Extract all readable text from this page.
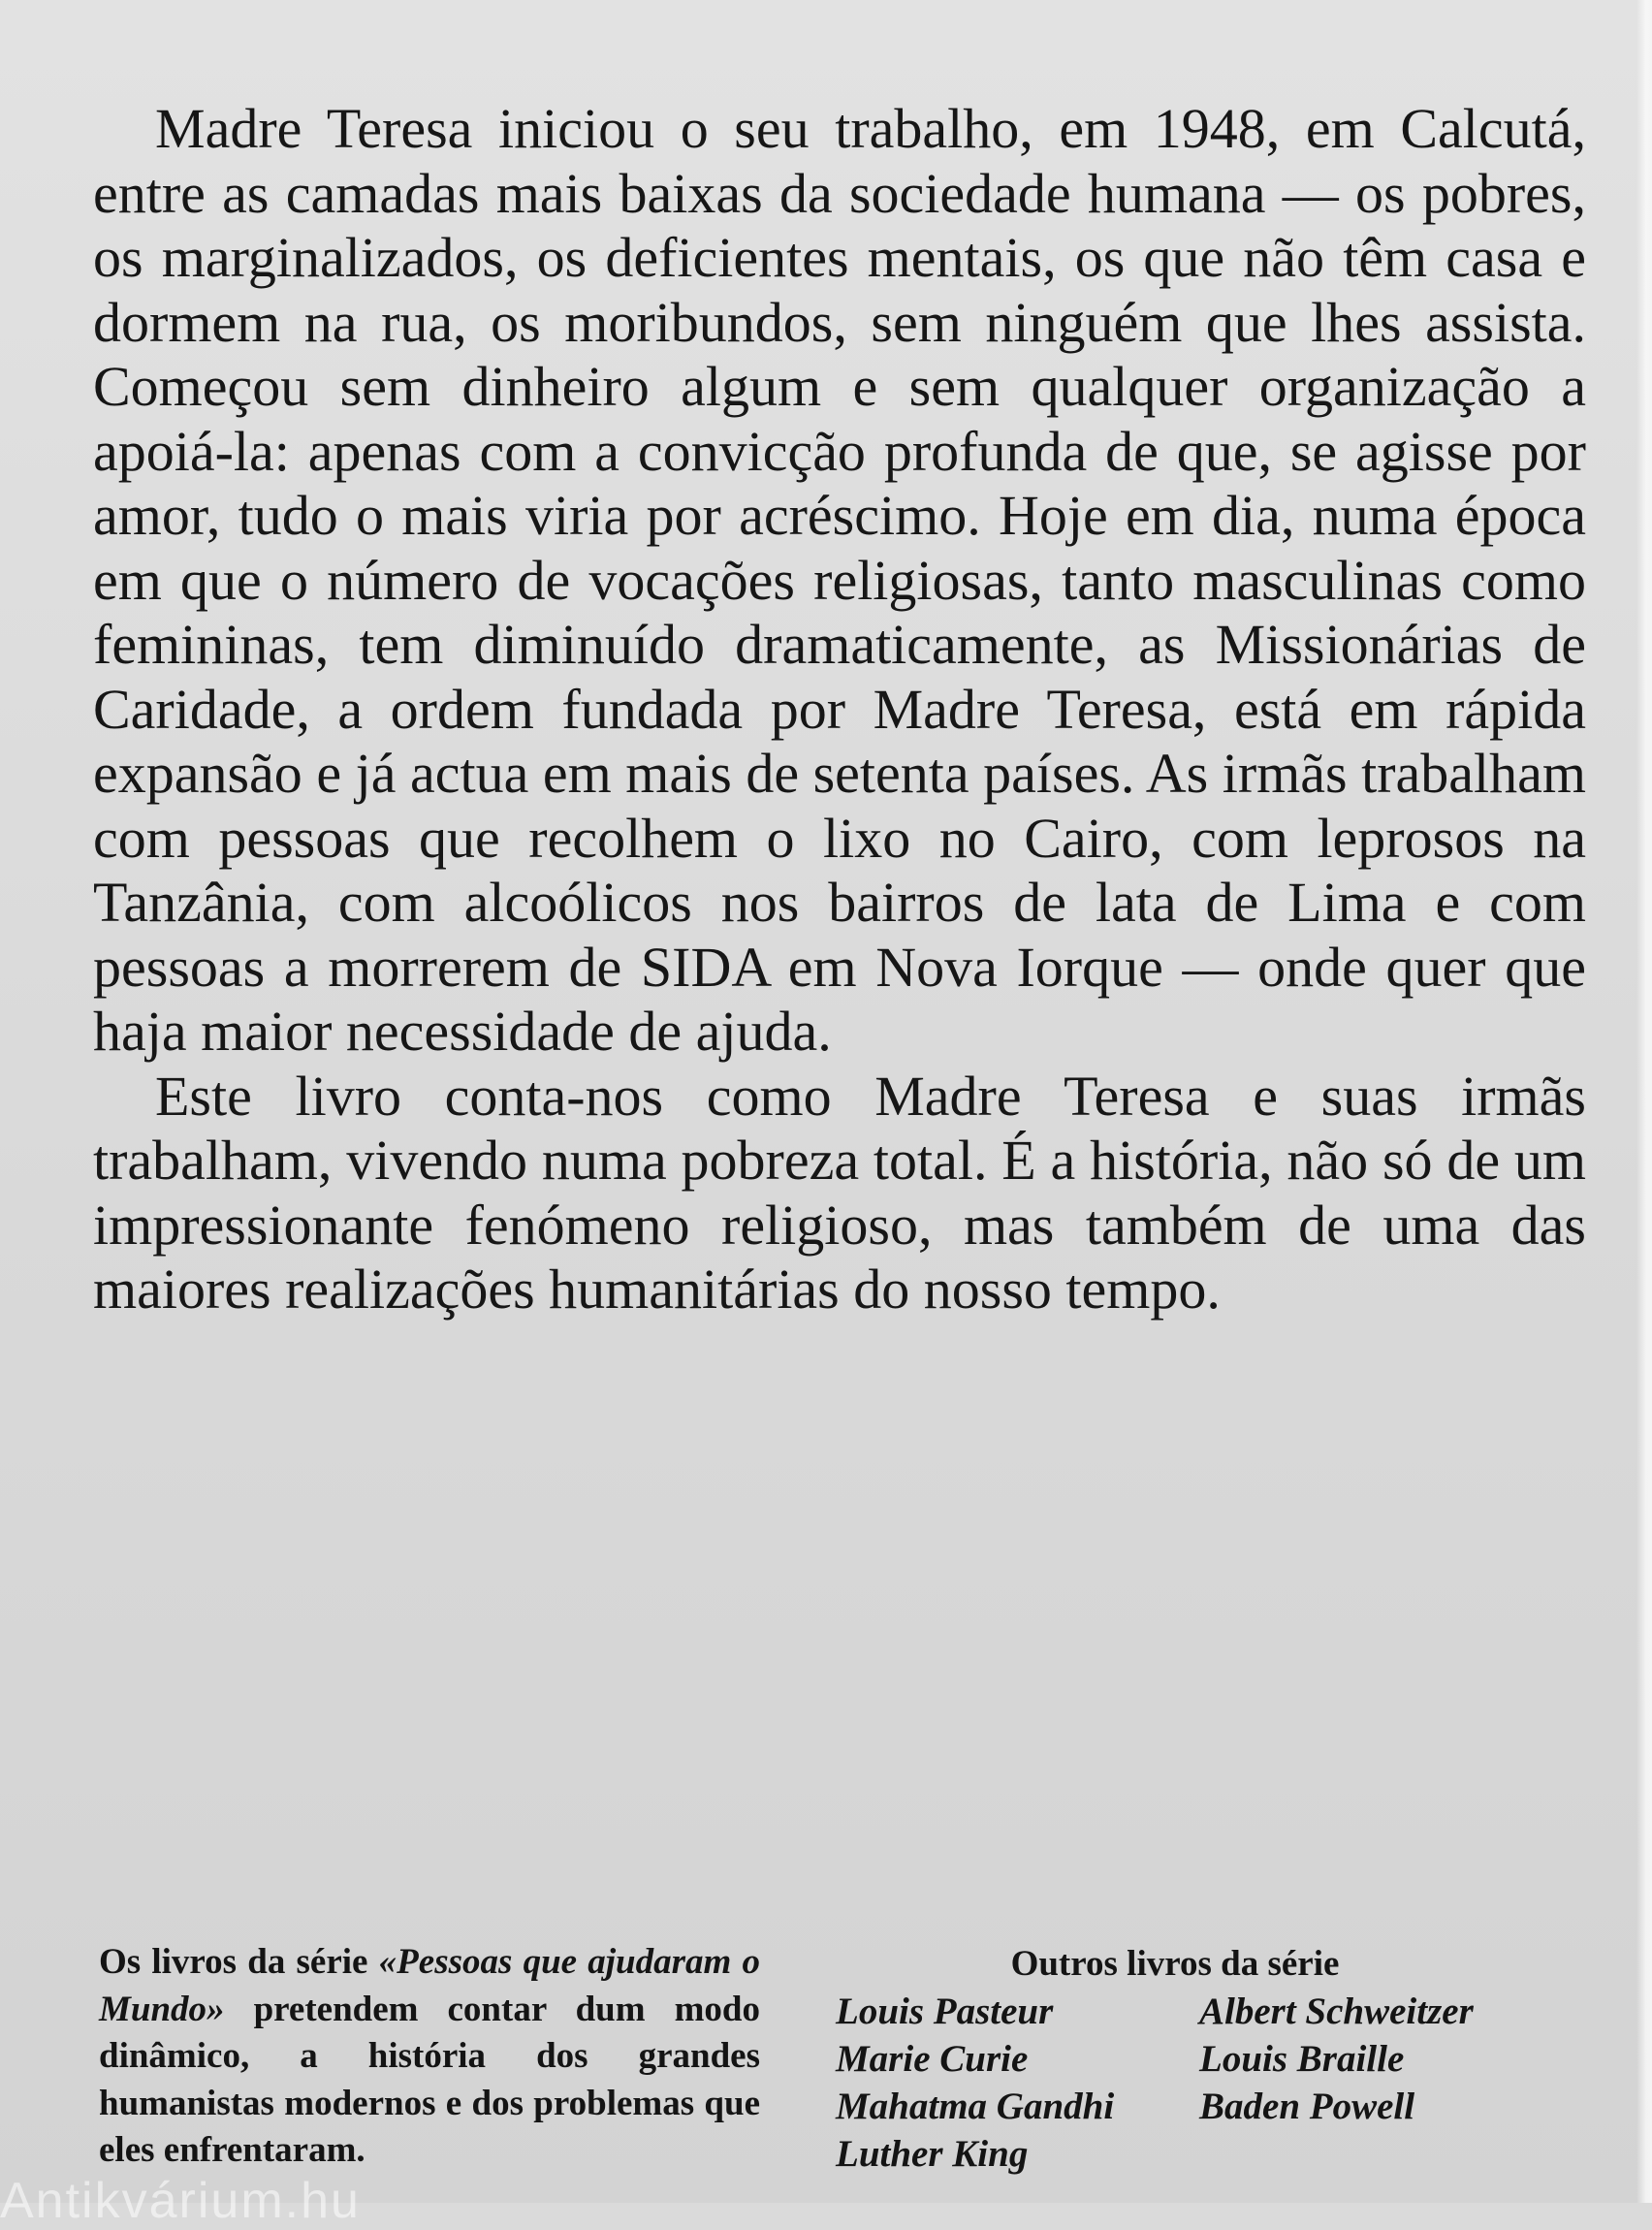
Madre Teresa iniciou o seu trabalho, em 1948, em Calcutá, entre as camadas mais baixas da sociedade humana — os pobres, os marginalizados, os deficientes mentais, os que não têm casa e dormem na rua, os moribundos, sem ninguém que lhes assista. Começou sem dinheiro algum e sem qualquer organização a apoiá-la: apenas com a convicção profunda de que, se agisse por amor, tudo o mais viria por acréscimo. Hoje em dia, numa época em que o número de vocações religiosas, tanto masculinas como femininas, tem diminuído dramaticamente, as Missionárias de Caridade, a ordem fundada por Madre Teresa, está em rápida expansão e já actua em mais de setenta países. As irmãs trabalham com pessoas que recolhem o lixo no Cairo, com leprosos na Tanzânia, com alcoólicos nos bairros de lata de Lima e com pessoas a morrerem de SIDA em Nova Iorque — onde quer que haja maior necessidade de ajuda.

Este livro conta-nos como Madre Teresa e suas irmãs trabalham, vivendo numa pobreza total. É a história, não só de um impressionante fenómeno religioso, mas também de uma das maiores realizações humanitárias do nosso tempo.

Os livros da série «Pessoas que ajudaram o Mundo» pretendem contar dum modo dinâmico, a história dos grandes humanistas modernos e dos problemas que eles enfrentaram.
Outros livros da série
Louis Pasteur	Albert Schweitzer
Marie Curie	Louis Braille
Mahatma Gandhi	Baden Powell
Luther King
Antikvárium.hu
